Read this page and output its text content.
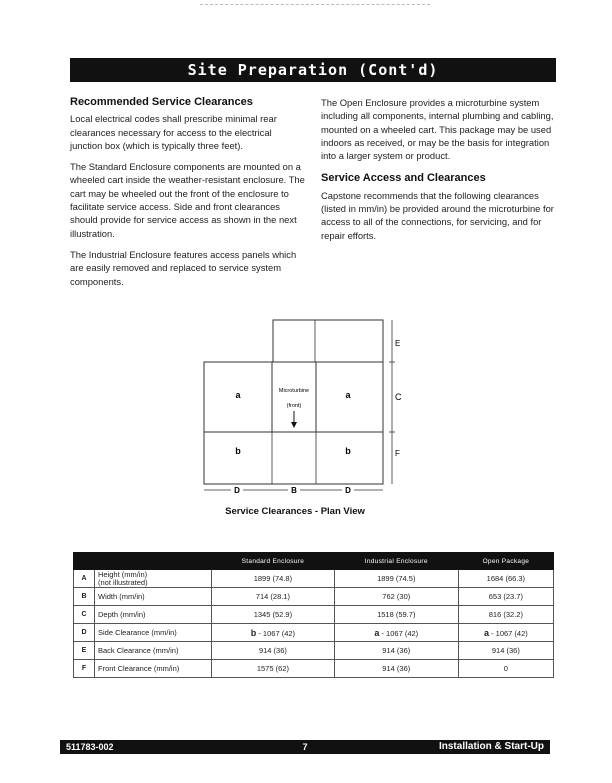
Site Preparation (Cont'd)
Recommended Service Clearances

Local electrical codes shall prescribe minimal rear clearances necessary for access to the electrical junction box (which is typically three feet).

The Standard Enclosure components are mounted on a wheeled cart inside the weather-resistant enclosure. The cart may be wheeled out the front of the enclosure to facilitate service access. Side and front clearances should provide for service access as shown in the next illustration.

The Industrial Enclosure features access panels which are easily removed and replaced to service system components.

The Open Enclosure provides a microturbine system including all components, internal plumbing and cabling, mounted on a wheeled cart. This package may be used indoors as received, or may be the basis for integration into a larger system or product.

Service Access and Clearances

Capstone recommends that the following clearances (listed in mm/in) be provided around the microturbine for access to all of the connections, for servicing, and for repair efforts.

a	a
b	b
Microturbine
(front)
E
C
F
D	B	D
Service Clearances - Plan View
		Standard Enclosure	Industrial Enclosure	Open Package
A	Height (mm/in)
(not illustrated)	1899 (74.8)	1899 (74.5)	1684 (66.3)
B	Width (mm/in)	714 (28.1)	762 (30)	653 (23.7)
C	Depth (mm/in)	1345 (52.9)	1518 (59.7)	816 (32.2)
D	Side Clearance (mm/in)	b - 1067 (42)	a - 1067 (42)	a - 1067 (42)
E	Back Clearance (mm/in)	914 (36)	914 (36)	914 (36)
F	Front Clearance (mm/in)	1575 (62)	914 (36)	0
511783-002	7	Installation & Start-Up
